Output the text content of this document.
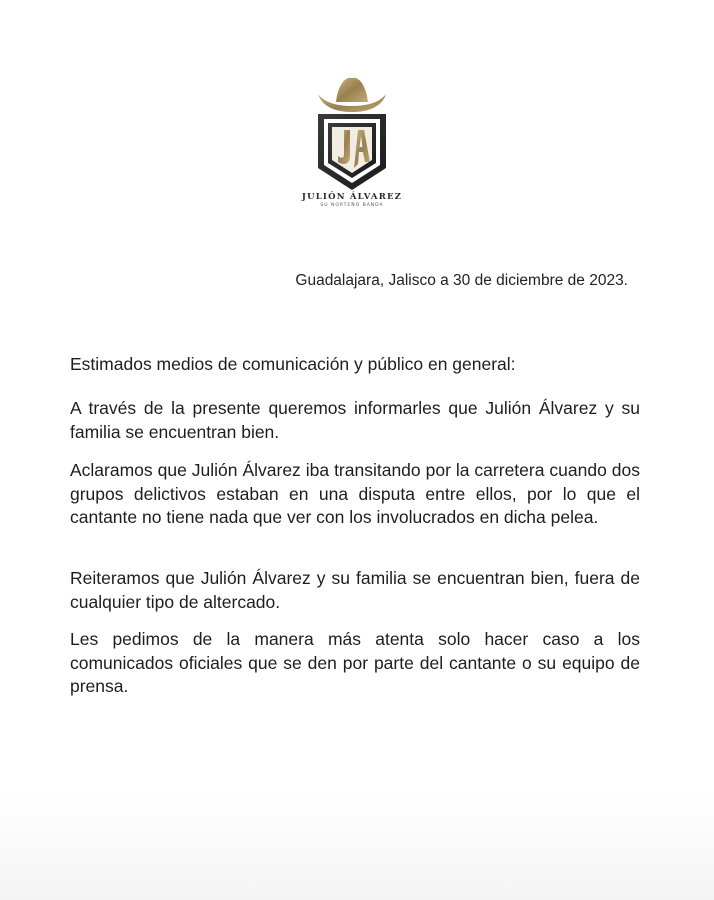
JULIÓN ÁLVAREZ
SU NORTEÑO BANDA
Guadalajara, Jalisco a 30 de diciembre de 2023.
Estimados medios de comunicación y público en general:
A través de la presente queremos informarles que Julión Álvarez y su familia se encuentran bien.
Aclaramos que Julión Álvarez iba transitando por la carretera cuando dos grupos delictivos estaban en una disputa entre ellos, por lo que el cantante no tiene nada que ver con los involucrados en dicha pelea.
Reiteramos que Julión Álvarez y su familia se encuentran bien, fuera de cualquier tipo de altercado.
Les pedimos de la manera más atenta solo hacer caso a los comunicados oficiales que se den por parte del cantante o su equipo de prensa.
